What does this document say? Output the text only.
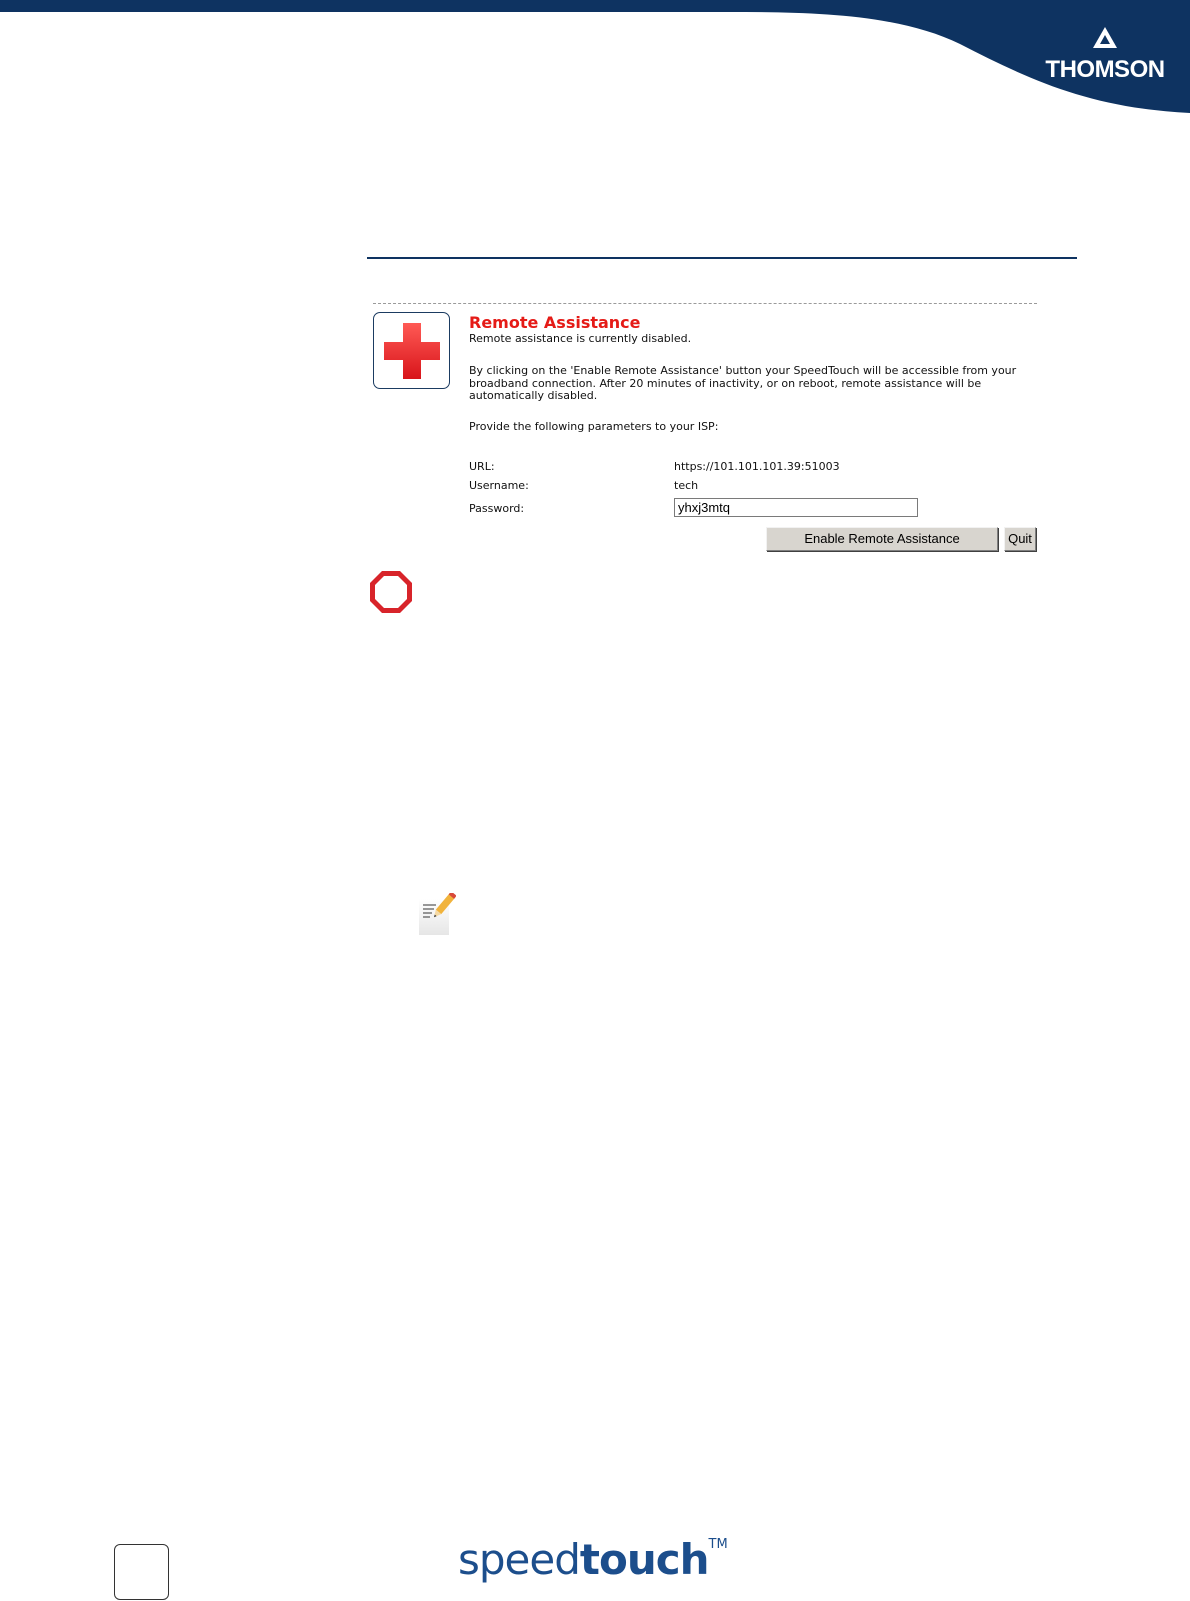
THOMSON
Remote Assistance
Remote assistance is currently disabled.
By clicking on the 'Enable Remote Assistance' button your SpeedTouch will be accessible from your broadband connection. After 20 minutes of inactivity, or on reboot, remote assistance will be automatically disabled.
Provide the following parameters to your ISP:
URL:	https://101.101.101.39:51003
Username:	tech
Password:	yhxj3mtq
Enable Remote Assistance	Quit
speedtouch™
